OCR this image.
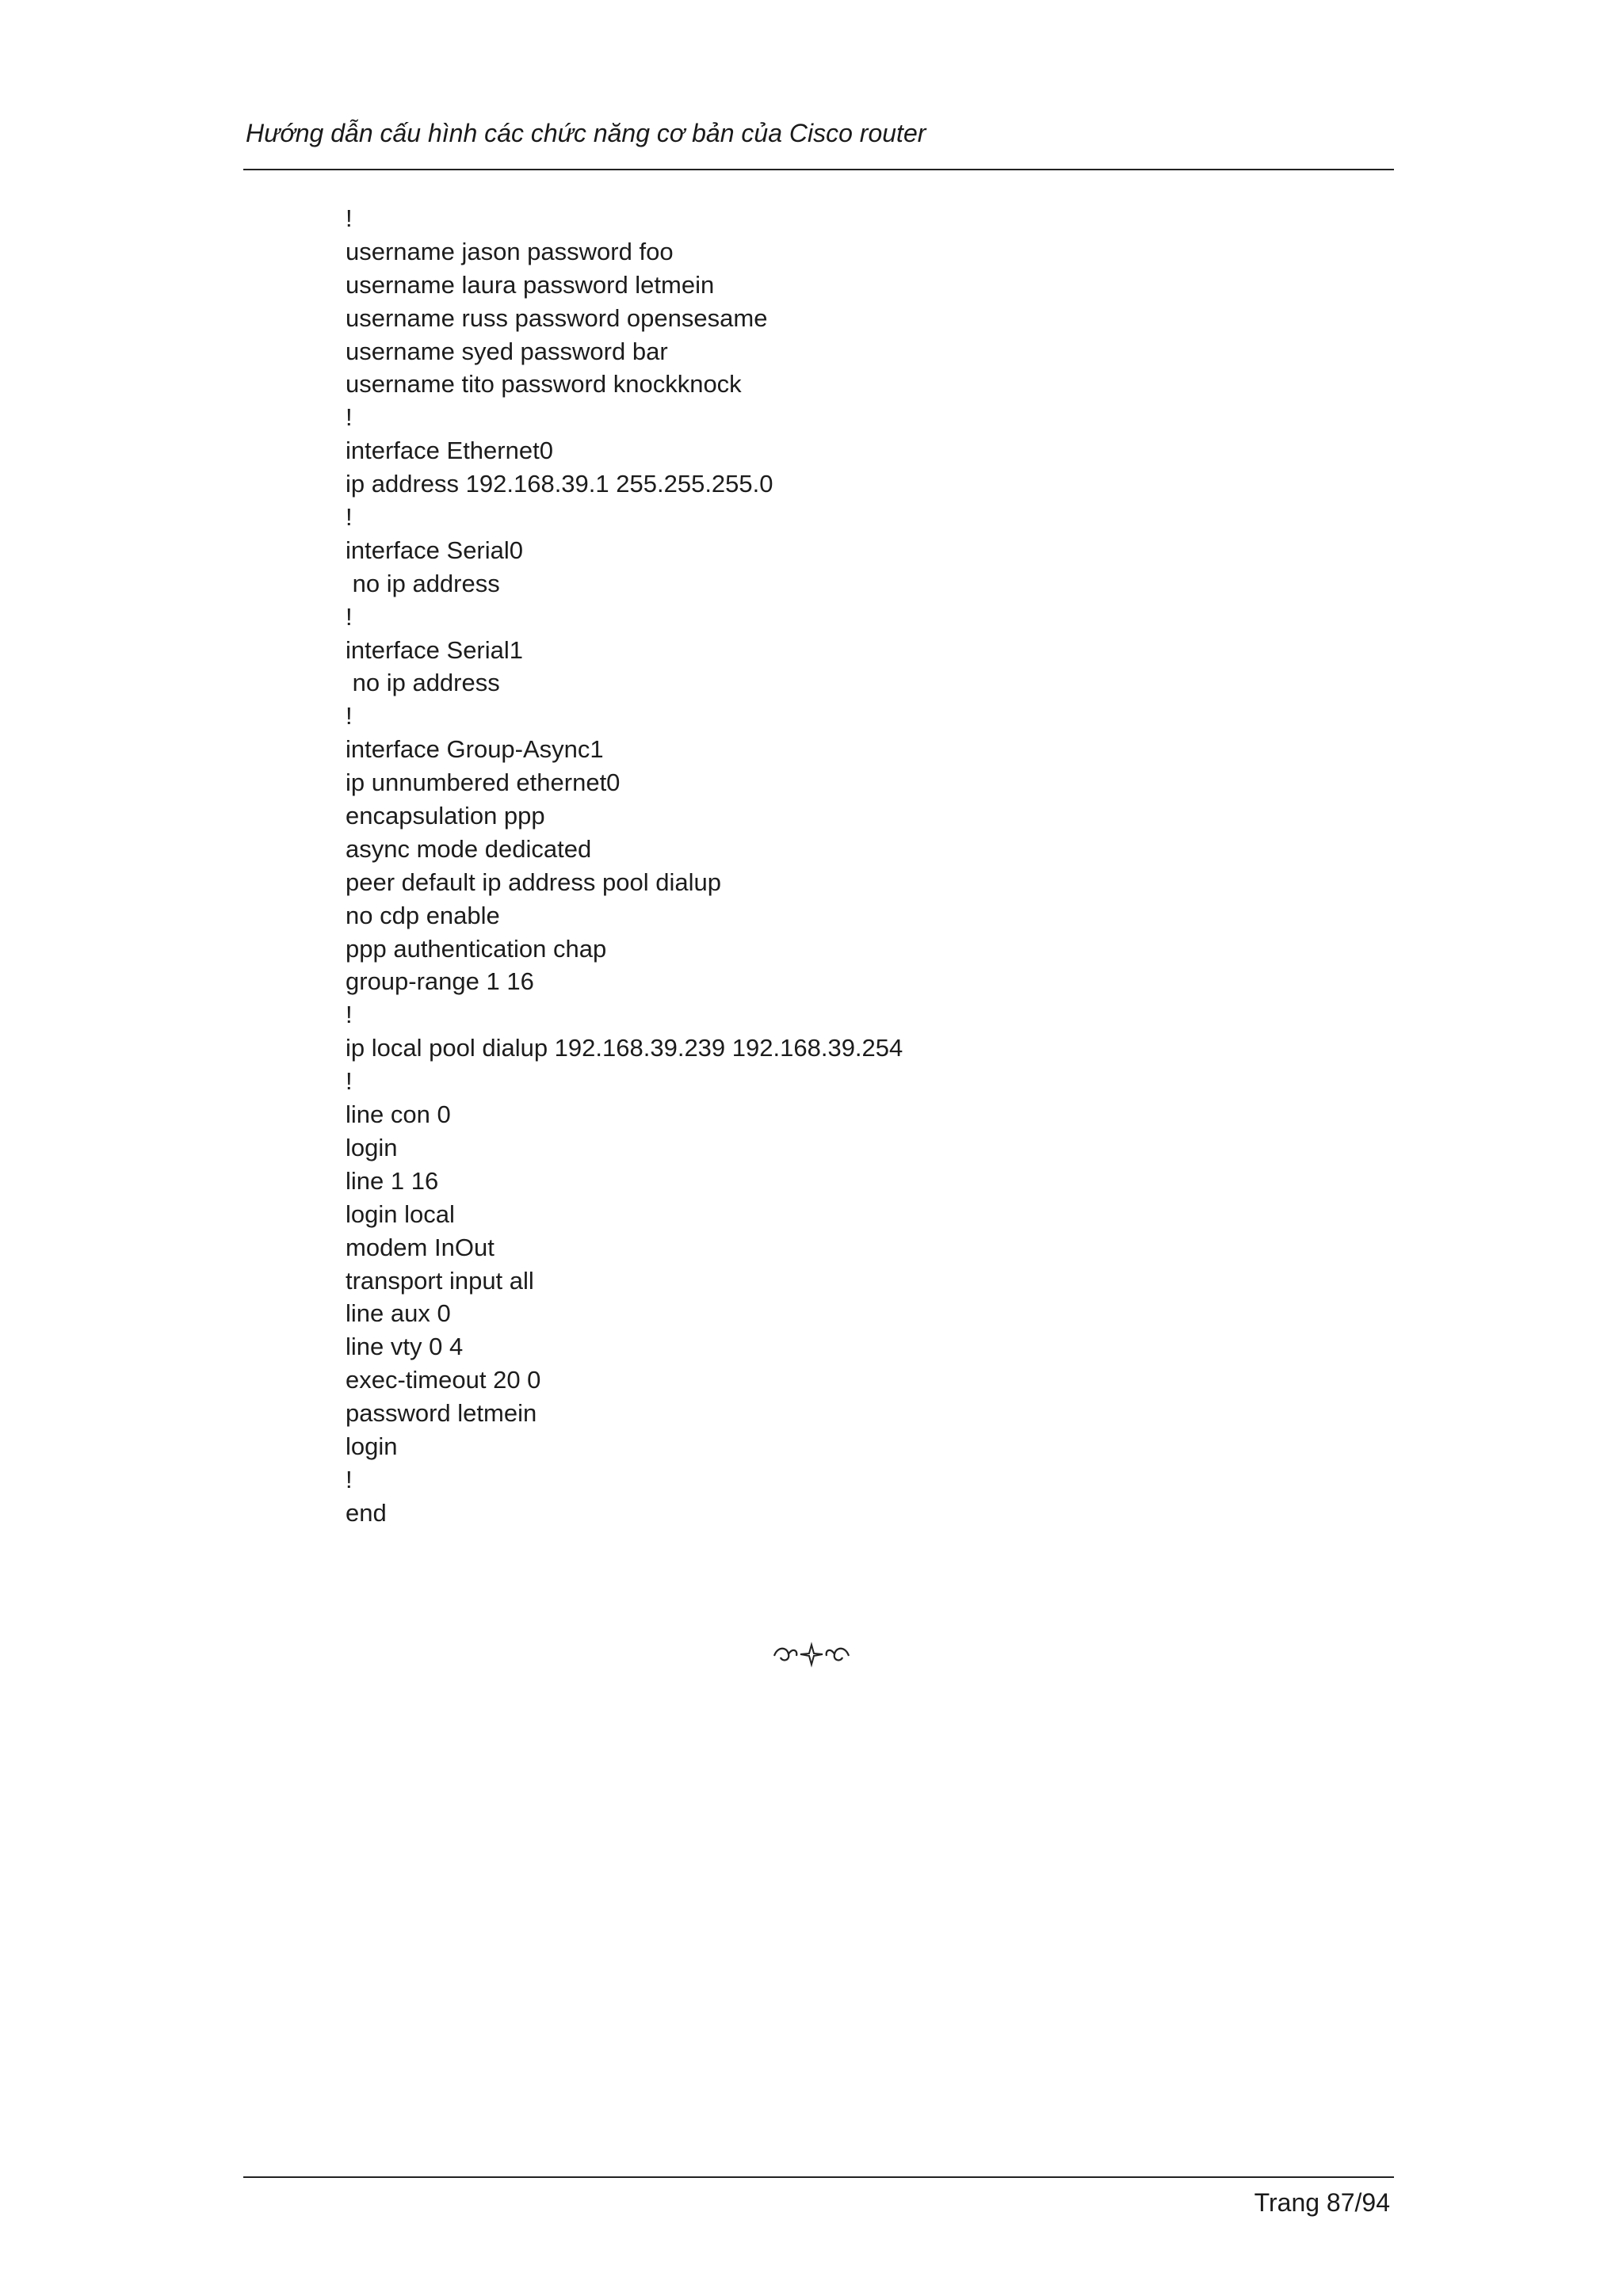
Hướng dẫn cấu hình các chức năng cơ bản của Cisco router
!
username jason password foo
username laura password letmein
username russ password opensesame
username syed password bar
username tito password knockknock
!
interface Ethernet0
ip address 192.168.39.1 255.255.255.0
!
interface Serial0
no ip address
!
interface Serial1
no ip address
!
interface Group-Async1
ip unnumbered ethernet0
encapsulation ppp
async mode dedicated
peer default ip address pool dialup
no cdp enable
ppp authentication chap
group-range 1 16
!
ip local pool dialup 192.168.39.239 192.168.39.254
!
line con 0
login
line 1 16
login local
modem InOut
transport input all
line aux 0
line vty 0 4
exec-timeout 20 0
password letmein
login
!
end
Trang 87/94
